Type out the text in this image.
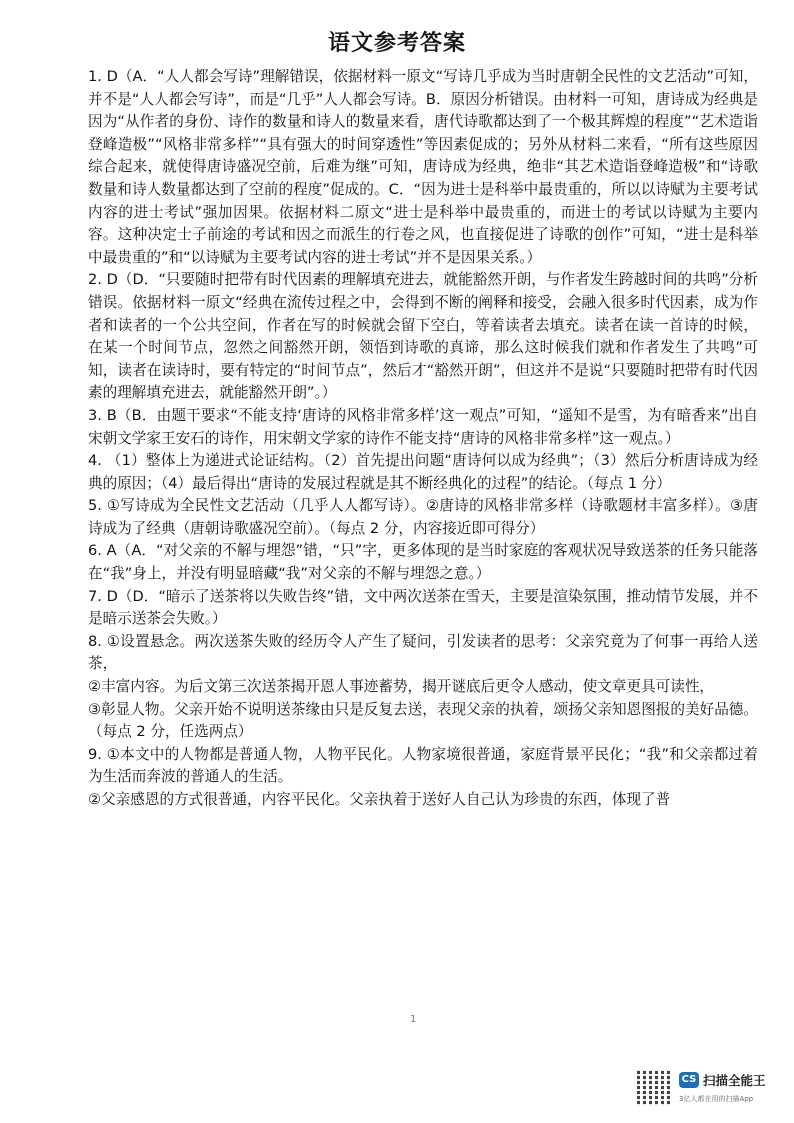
语文参考答案

1. D（A．“人人都会写诗”理解错误，依据材料一原文“写诗几乎成为当时唐朝全民性的文艺活动”可知，并不是“人人都会写诗”，而是“几乎”人人都会写诗。B．原因分析错误。由材料一可知，唐诗成为经典是因为“从作者的身份、诗作的数量和诗人的数量来看，唐代诗歌都达到了一个极其辉煌的程度”“艺术造诣登峰造极”“风格非常多样”“具有强大的时间穿透性”等因素促成的；另外从材料二来看，“所有这些原因综合起来，就使得唐诗盛况空前，后难为继”可知，唐诗成为经典，绝非“其艺术造诣登峰造极”和“诗歌数量和诗人数量都达到了空前的程度”促成的。C．“因为进士是科举中最贵重的，所以以诗赋为主要考试内容的进士考试”强加因果。依据材料二原文“进士是科举中最贵重的，而进士的考试以诗赋为主要内容。这种决定士子前途的考试和因之而派生的行卷之风，也直接促进了诗歌的创作”可知，“进士是科举中最贵重的”和“以诗赋为主要考试内容的进士考试”并不是因果关系。）

2. D（D．“只要随时把带有时代因素的理解填充进去，就能豁然开朗，与作者发生跨越时间的共鸣”分析错误。依据材料一原文“经典在流传过程之中，会得到不断的阐释和接受，会融入很多时代因素，成为作者和读者的一个公共空间，作者在写的时候就会留下空白，等着读者去填充。读者在读一首诗的时候，在某一个时间节点，忽然之间豁然开朗，领悟到诗歌的真谛，那么这时候我们就和作者发生了共鸣”可知，读者在读诗时，要有特定的“时间节点”，然后才“豁然开朗”，但这并不是说“只要随时把带有时代因素的理解填充进去，就能豁然开朗”。）

3. B（B．由题干要求“不能支持‘唐诗的风格非常多样’这一观点”可知，“遥知不是雪，为有暗香来”出自宋朝文学家王安石的诗作，用宋朝文学家的诗作不能支持“唐诗的风格非常多样”这一观点。）

4. （1）整体上为递进式论证结构。（2）首先提出问题“唐诗何以成为经典”；（3）然后分析唐诗成为经典的原因；（4）最后得出“唐诗的发展过程就是其不断经典化的过程”的结论。（每点 1 分）

5. ①写诗成为全民性文艺活动（几乎人人都写诗）。②唐诗的风格非常多样（诗歌题材丰富多样）。③唐诗成为了经典（唐朝诗歌盛况空前）。（每点 2 分，内容接近即可得分）

6. A（A．“对父亲的不解与埋怨”错，“只”字，更多体现的是当时家庭的客观状况导致送茶的任务只能落在“我”身上，并没有明显暗藏“我”对父亲的不解与埋怨之意。）

7. D（D．“暗示了送茶将以失败告终”错，文中两次送茶在雪天，主要是渲染氛围，推动情节发展，并不是暗示送茶会失败。）

8. ①设置悬念。两次送茶失败的经历令人产生了疑问，引发读者的思考：父亲究竟为了何事一再给人送茶，

②丰富内容。为后文第三次送茶揭开恩人事迹蓄势，揭开谜底后更令人感动，使文章更具可读性，

③彰显人物。父亲开始不说明送茶缘由只是反复去送，表现父亲的执着，颂扬父亲知恩图报的美好品德。（每点 2 分，任选两点）

9. ①本文中的人物都是普通人物，人物平民化。人物家境很普通，家庭背景平民化；“我”和父亲都过着为生活而奔波的普通人的生活。

②父亲感恩的方式很普通，内容平民化。父亲执着于送好人自己认为珍贵的东西，体现了普

1
CS 扫描全能王
3亿人都在用的扫描App
